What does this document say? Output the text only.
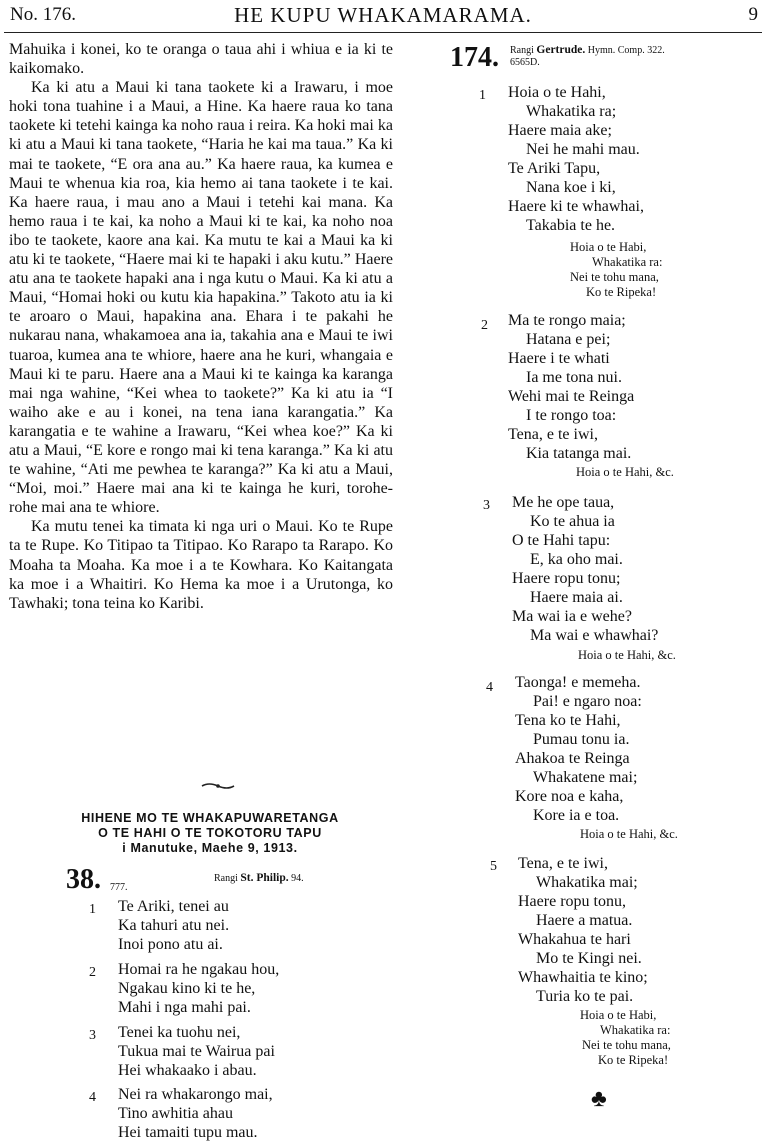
No. 176.	HE KUPU WHAKAMARAMA.	9

Mahuika i konei, ko te oranga o taua ahi i whiua e ia ki te kaikomako.

Ka ki atu a Maui ki tana taokete ki a Irawaru, i moe hoki tona tuahine i a Maui, a Hine. Ka haere raua ko tana taokete ki tetehi kainga ka noho raua i reira. Ka hoki mai ka ki atu a Maui ki tana taokete, “Haria he kai ma taua.” Ka ki mai te taokete, “E ora ana au.” Ka haere raua, ka kumea e Maui te whenua kia roa, kia hemo ai tana taokete i te kai. Ka haere raua, i mau ano a Maui i tetehi kai mana. Ka hemo raua i te kai, ka noho a Maui ki te kai, ka noho noa ibo te taokete, kaore ana kai. Ka mutu te kai a Maui ka ki atu ki te taokete, “Haere mai ki te hapaki i aku kutu.” Haere atu ana te taokete hapaki ana i nga kutu o Maui. Ka ki atu a Maui, “Homai hoki ou kutu kia hapakina.” Takoto atu ia ki te aroaro o Maui, hapakina ana. Ehara i te pakahi he nukarau nana, whakamoea ana ia, takahia ana e Maui te iwi tuaroa, kumea ana te whiore, haere ana he kuri, whangaia e Maui ki te paru. Haere ana a Maui ki te kainga ka karanga mai nga wahine, “Kei whea to taokete?” Ka ki atu ia “I waiho ake e au i konei, na tena iana karangatia.” Ka karangatia e te wahine a Irawaru, “Kei whea koe?” Ka ki atu a Maui, “E kore e rongo mai ki tena karanga.” Ka ki atu te wahine, “Ati me pewhea te karanga?” Ka ki atu a Maui, “Moi, moi.” Haere mai ana ki te kainga he kuri, torohe-rohe mai ana te whiore.

Ka mutu tenei ka timata ki nga uri o Maui. Ko te Rupe ta te Rupe. Ko Titipao ta Titipao. Ko Rarapo ta Rarapo. Ko Moaha ta Moaha. Ka moe i a te Kowhara. Ko Kaitangata ka moe i a Whaitiri. Ko Hema ka moe i a Urutonga, ko Tawhaki; tona teina ko Karibi.

HIHENE MO TE WHAKAPUWARETANGA
O TE HAHI O TE TOKOTORU TAPU
i Manutuke, Maehe 9, 1913.
38. 777.
Rangi St. Philip. 94.
1 Te Ariki, tenei au
Ka tahuri atu nei.
Inoi pono atu ai.
2 Homai ra he ngakau hou,
Ngakau kino ki te he,
Mahi i nga mahi pai.
3 Tenei ka tuohu nei,
Tukua mai te Wairua pai
Hei whakaako i abau.
4 Nei ra whakarongo mai,
Tino awhitia ahau
Hei tamaiti tupu mau.
174. Rangi Gertrude. Hymn. Comp. 322.
6565D.
1 Hoia o te Hahi,
Whakatika ra;
Haere maia ake;
Nei he mahi mau.
Te Ariki Tapu,
Nana koe i ki,
Haere ki te whawhai,
Takabia te he.
Hoia o te Habi,
Whakatika ra:
Nei te tohu mana,
Ko te Ripeka!
2 Ma te rongo maia;
Hatana e pei;
Haere i te whati
Ia me tona nui.
Wehi mai te Reinga
I te rongo toa:
Tena, e te iwi,
Kia tatanga mai.
Hoia o te Hahi, &c.
3 Me he ope taua,
Ko te ahua ia
O te Hahi tapu:
E, ka oho mai.
Haere ropu tonu;
Haere maia ai.
Ma wai ia e wehe?
Ma wai e whawhai?
Hoia o te Hahi, &c.
4 Taonga! e memeha.
Pai! e ngaro noa:
Tena ko te Hahi,
Pumau tonu ia.
Ahakoa te Reinga
Whakatene mai;
Kore noa e kaha,
Kore ia e toa.
Hoia o te Hahi, &c.
5 Tena, e te iwi,
Whakatika mai;
Haere ropu tonu,
Haere a matua.
Whakahua te hari
Mo te Kingi nei.
Whawhaitia te kino;
Turia ko te pai.
Hoia o te Habi,
Whakatika ra:
Nei te tohu mana,
Ko te Ripeka!
♣
